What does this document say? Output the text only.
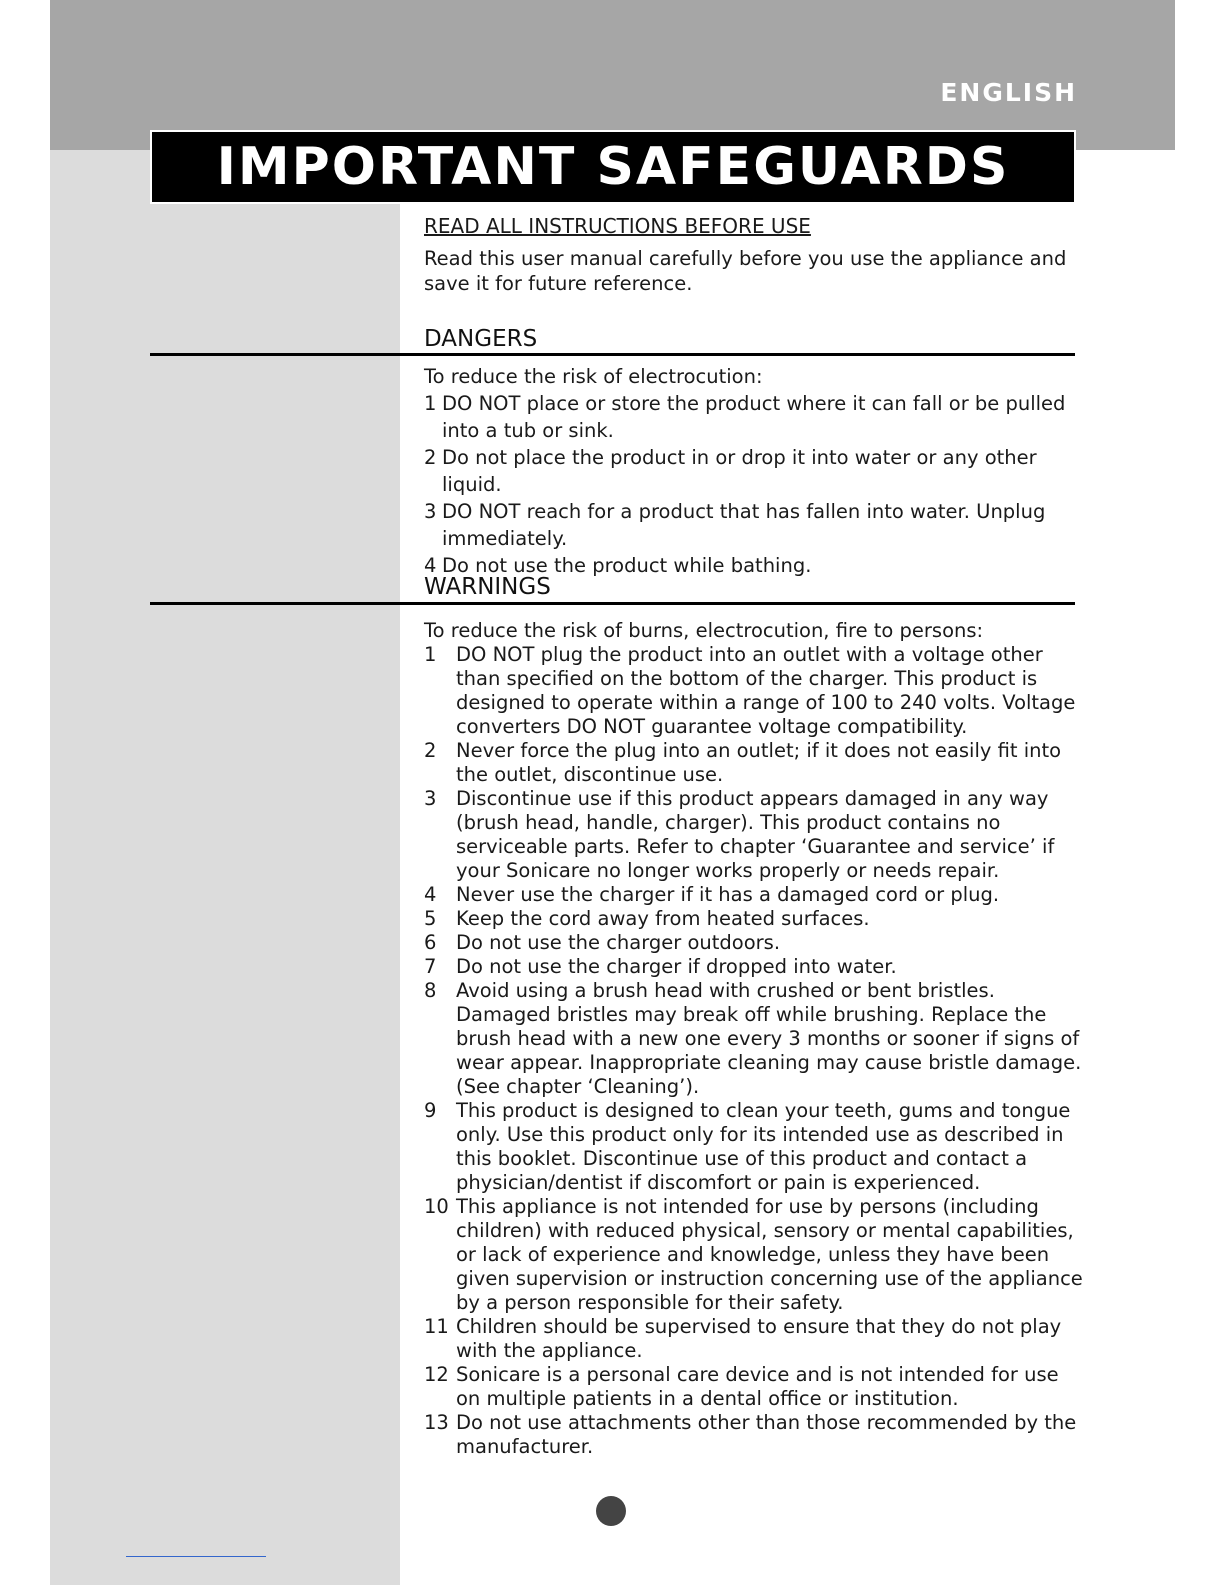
ENGLISH
IMPORTANT SAFEGUARDS
READ ALL INSTRUCTIONS BEFORE USE
Read this user manual carefully before you use the appliance and save it for future reference.
DANGERS

To reduce the risk of electrocution:

1 DO NOT place or store the product where it can fall or be pulled into a tub or sink.

2 Do not place the product in or drop it into water or any other liquid.

3 DO NOT reach for a product that has fallen into water. Unplug immediately.

4 Do not use the product while bathing.

WARNINGS

To reduce the risk of burns, electrocution, fire to persons:

1	DO NOT plug the product into an outlet with a voltage other than specified on the bottom of the charger. This product is designed to operate within a range of 100 to 240 volts. Voltage converters DO NOT guarantee voltage compatibility.
2	Never force the plug into an outlet; if it does not easily fit into the outlet, discontinue use.
3	Discontinue use if this product appears damaged in any way (brush head, handle, charger). This product contains no serviceable parts. Refer to chapter ‘Guarantee and service’ if your Sonicare no longer works properly or needs repair.
4	Never use the charger if it has a damaged cord or plug.
5	Keep the cord away from heated surfaces.
6	Do not use the charger outdoors.
7	Do not use the charger if dropped into water.
8	Avoid using a brush head with crushed or bent bristles. Damaged bristles may break off while brushing. Replace the brush head with a new one every 3 months or sooner if signs of wear appear. Inappropriate cleaning may cause bristle damage. (See chapter ‘Cleaning’).
9	This product is designed to clean your teeth, gums and tongue only. Use this product only for its intended use as described in this booklet. Discontinue use of this product and contact a physician/dentist if discomfort or pain is experienced.
10 This appliance is not intended for use by persons (including children) with reduced physical, sensory or mental capabilities, or lack of experience and knowledge, unless they have been given supervision or instruction concerning use of the appliance by a person responsible for their safety.
11 Children should be supervised to ensure that they do not play with the appliance.
12 Sonicare is a personal care device and is not intended for use on multiple patients in a dental office or institution.
13 Do not use attachments other than those recommended by the manufacturer.
